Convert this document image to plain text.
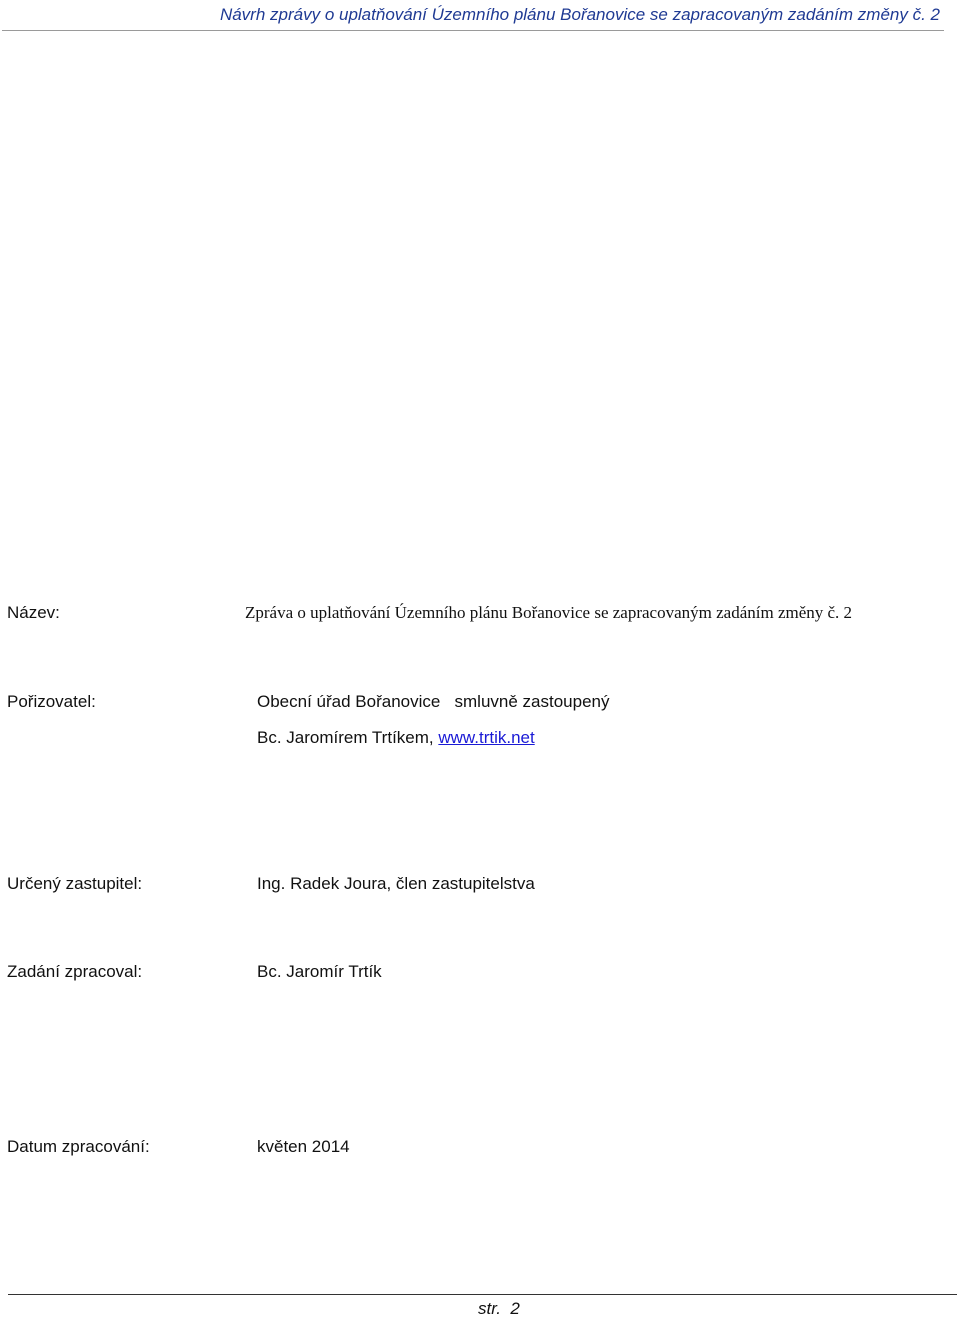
Návrh zprávy o uplatňování Územního plánu Bořanovice se zapracovaným zadáním změny č. 2
Název:	Zpráva o uplatňování Územního plánu Bořanovice se zapracovaným zadáním změny č. 2
Pořizovatel:	Obecní úřad Bořanovice   smluvně zastoupený
Bc. Jaromírem Trtíkem, www.trtik.net
Určený zastupitel:	Ing. Radek Joura, člen zastupitelstva
Zadání zpracoval:	Bc. Jaromír Trtík
Datum zpracování:	květen 2014
str.  2
